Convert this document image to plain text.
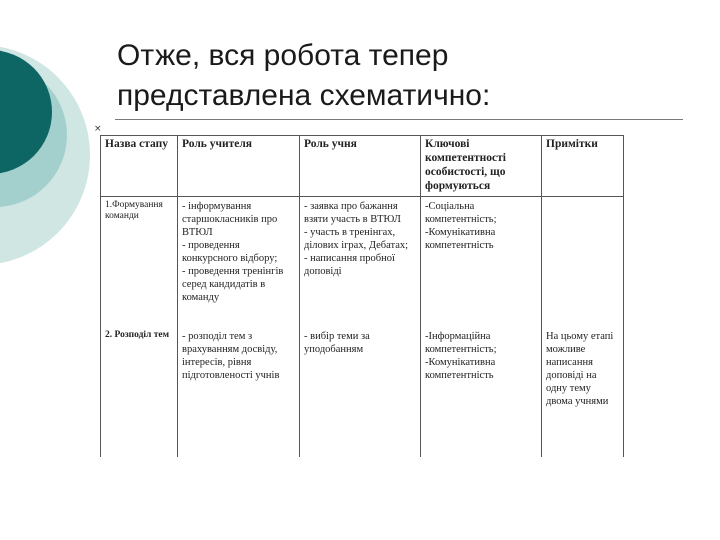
Отже, вся робота тепер
представлена схематично:
×
Назва стапу	Роль учителя	Роль учня	Ключові компетентності особистості, що формуються	Примітки
1.Формування команди	- інформування старшокласників про ВТЮЛ
- проведення конкурсного відбору;
- проведення тренінгів серед кандидатів в команду	- заявка про бажання взяти участь в ВТЮЛ
- участь в тренінгах, ділових іграх, Дебатах;
- написання пробної доповіді	-Соціальна компетентність;
-Комунікативна компетентність	
2. Розподіл тем	- розподіл тем з врахуванням досвіду, інтересів, рівня підготовленості учнів	- вибір теми за уподобанням	-Інформаційна компетентність;
-Комунікативна компетентність	На цьому етапі можливе написання доповіді на одну тему двома учнями
